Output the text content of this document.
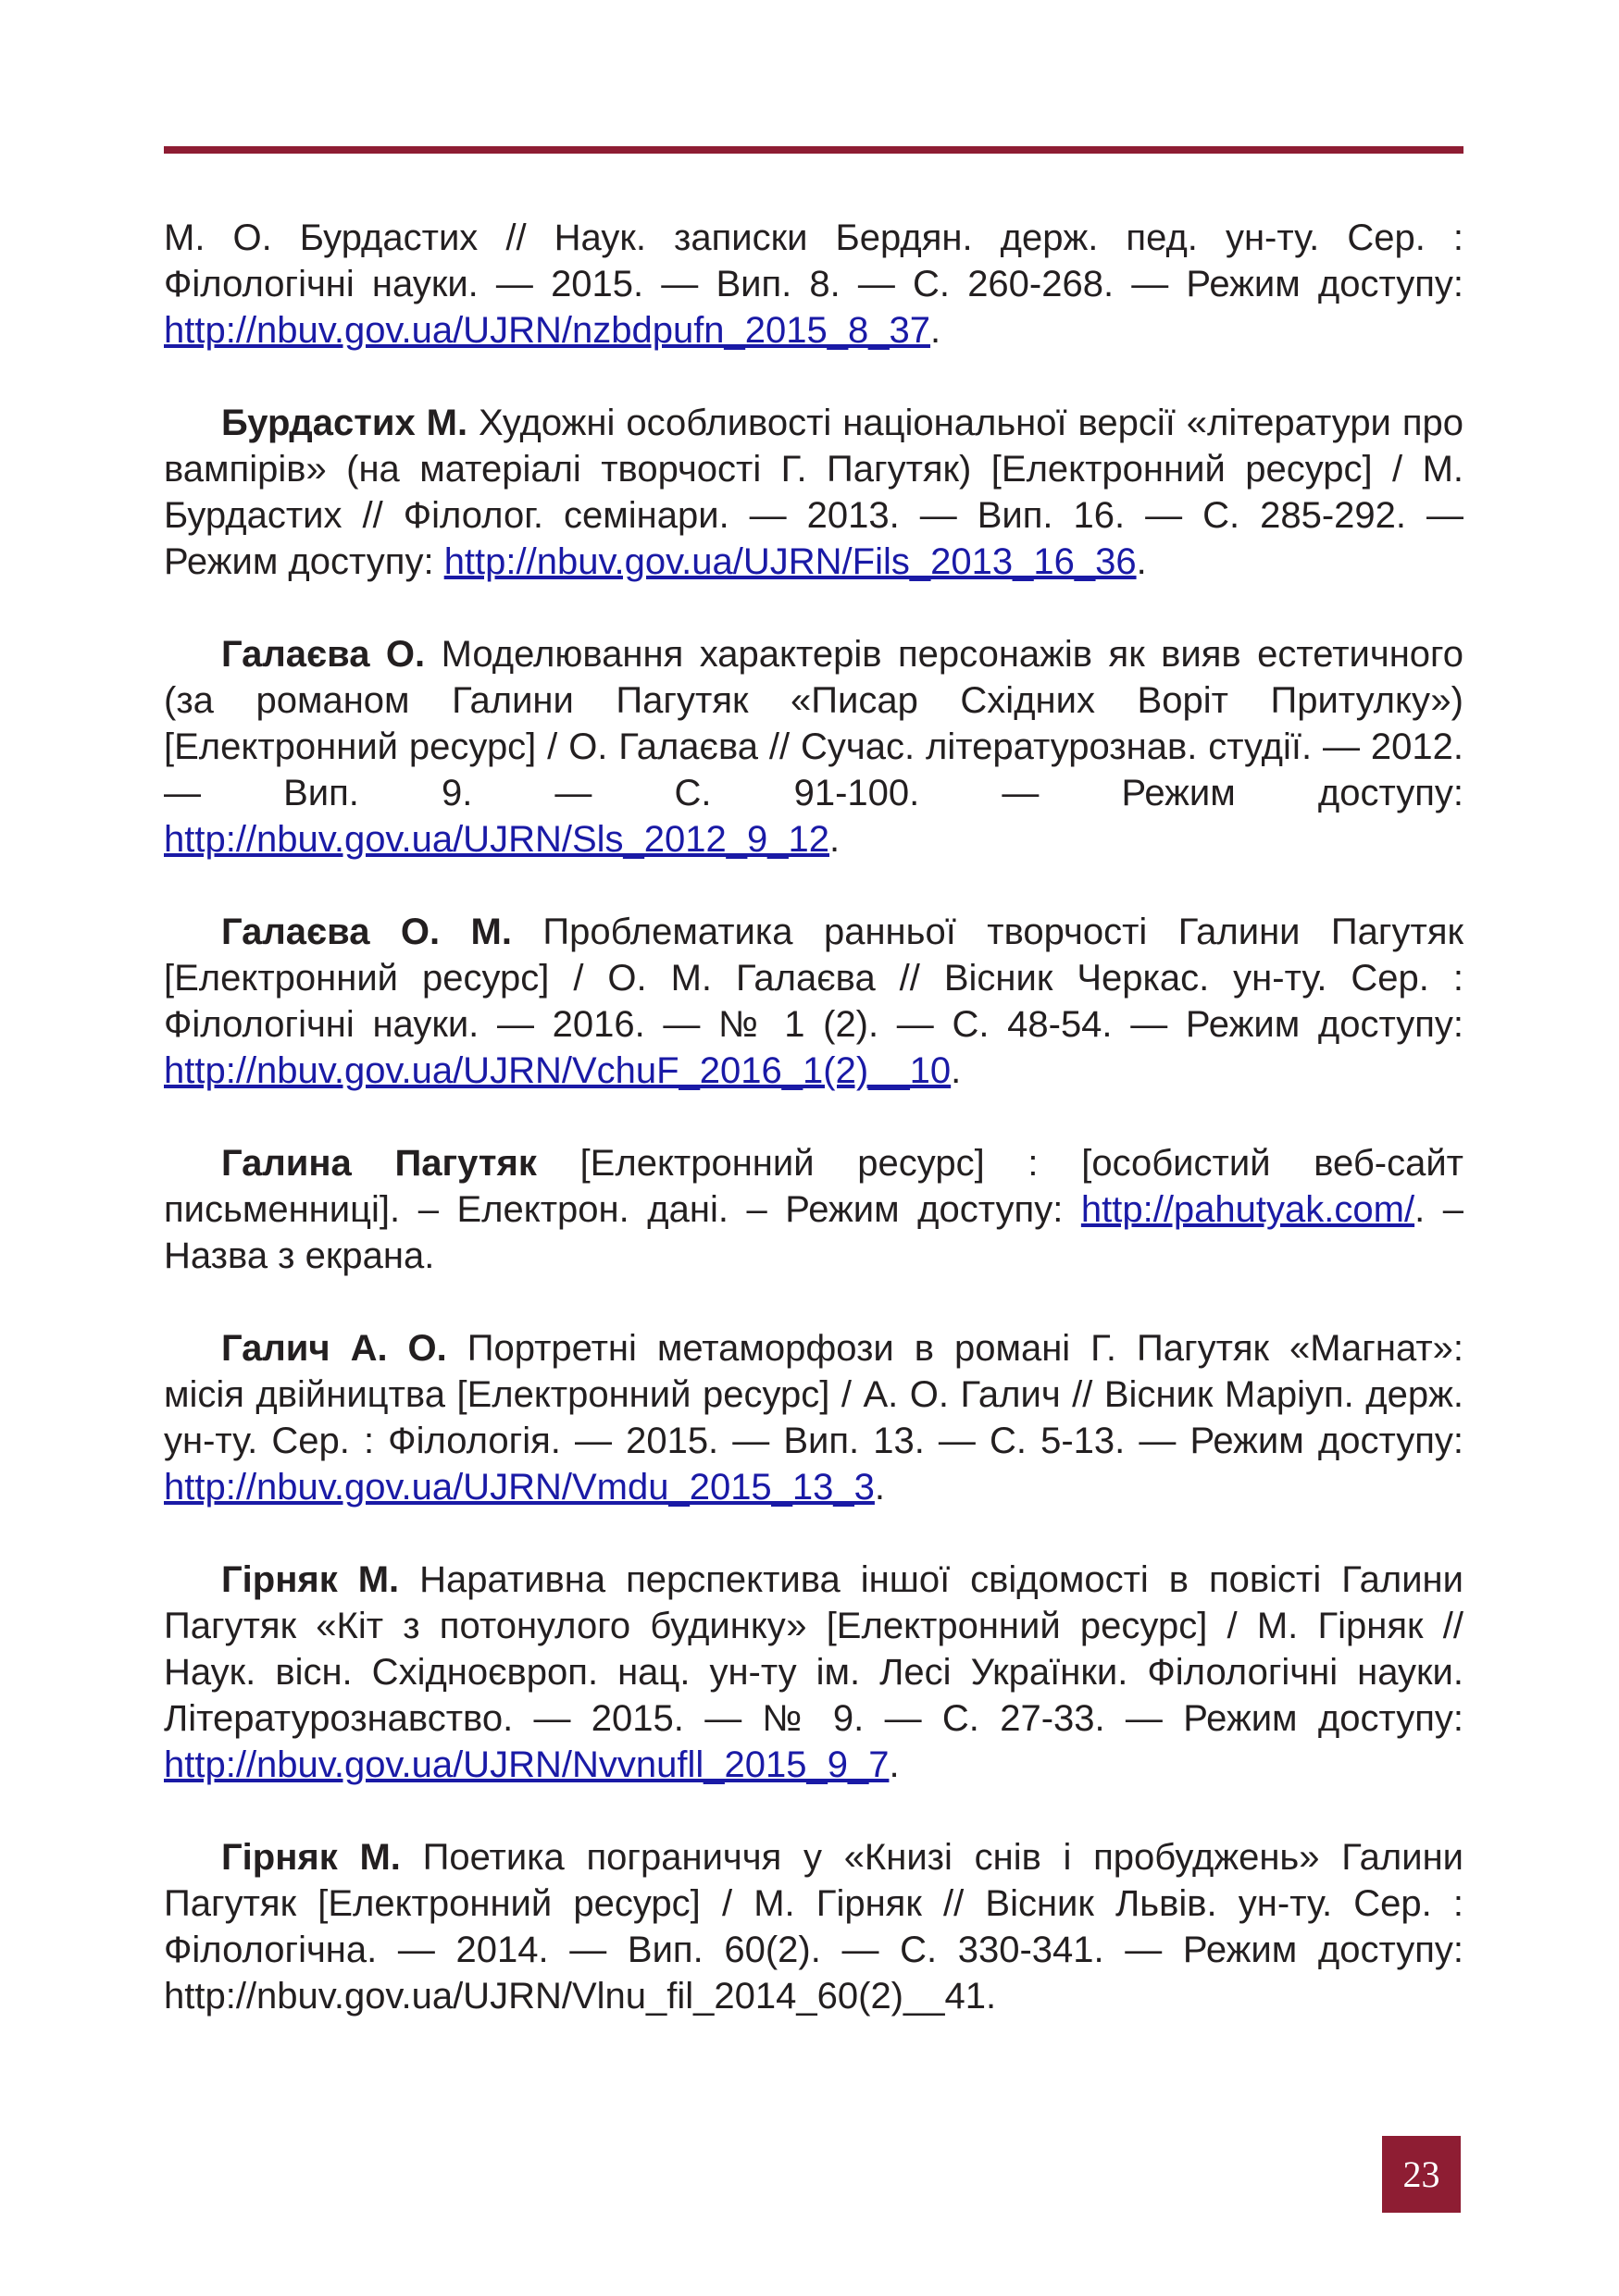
М. О. Бурдастих // Наук. записки Бердян. держ. пед. ун-ту. Сер. : Філологічні науки. — 2015. — Вип. 8. — С. 260-268. — Режим доступу: http://nbuv.gov.ua/UJRN/nzbdpufn_2015_8_37.

Бурдастих М. Художні особливості національної версії «літератури про вампірів» (на матеріалі творчості Г. Пагутяк) [Електронний ресурс] / М. Бурдастих // Філолог. семінари. — 2013. — Вип. 16. — С. 285-292. — Режим доступу: http://nbuv.gov.ua/UJRN/Fils_2013_16_36.

Галаєва О. Моделювання характерів персонажів як вияв естетичного (за романом Галини Пагутяк «Писар Східних Воріт Притулку») [Електронний ресурс] / О. Галаєва // Сучас. літературознав. студії. — 2012. — Вип. 9. — С. 91-100. — Режим доступу: http://nbuv.gov.ua/UJRN/Sls_2012_9_12.

Галаєва О. М. Проблематика ранньої творчості Галини Пагутяк [Електронний ресурс] / О. М. Галаєва // Вісник Черкас. ун-ту. Сер. : Філологічні науки. — 2016. — № 1 (2). — С. 48-54. — Режим доступу: http://nbuv.gov.ua/UJRN/VchuF_2016_1(2)__10.

Галина Пагутяк [Електронний ресурс] : [особистий веб-сайт письменниці]. – Електрон. дані. – Режим доступу: http://pahutyak.com/. – Назва з екрана.

Галич А. О. Портретні метаморфози в романі Г. Пагутяк «Магнат»: місія двійництва [Електронний ресурс] / А. О. Галич // Вісник Маріуп. держ. ун-ту. Сер. : Філологія. — 2015. — Вип. 13. — С. 5-13. — Режим доступу: http://nbuv.gov.ua/UJRN/Vmdu_2015_13_3.

Гірняк М. Наративна перспектива іншої свідомості в повісті Галини Пагутяк «Кіт з потонулого будинку» [Електронний ресурс] / М. Гірняк // Наук. вісн. Східноєвроп. нац. ун-ту ім. Лесі Українки. Філологічні науки. Літературознавство. — 2015. — № 9. — С. 27-33. — Режим доступу: http://nbuv.gov.ua/UJRN/Nvvnufll_2015_9_7.

Гірняк М. Поетика пограниччя у «Книзі снів і пробуджень» Галини Пагутяк [Електронний ресурс] / М. Гірняк // Вісник Львів. ун-ту. Сер. : Філологічна. — 2014. — Вип. 60(2). — С. 330-341. — Режим доступу: http://nbuv.gov.ua/UJRN/Vlnu_fil_2014_60(2)__41.

23
